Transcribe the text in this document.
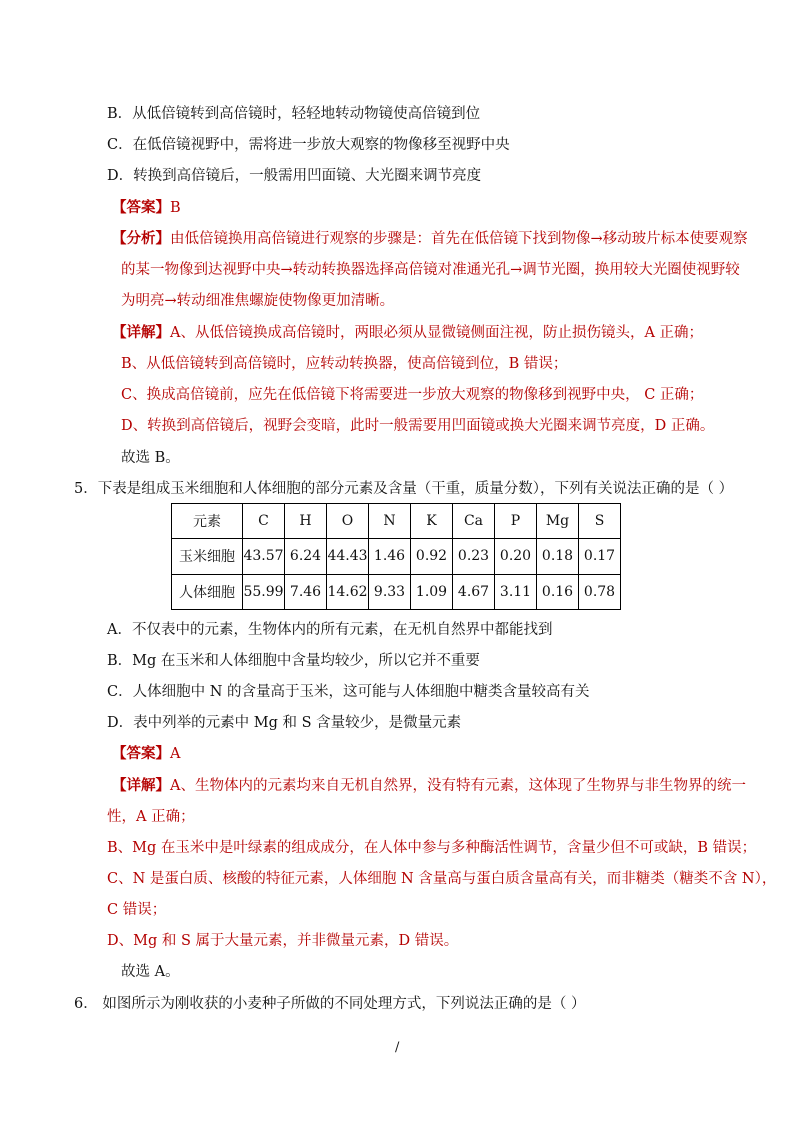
B．从低倍镜转到高倍镜时，轻轻地转动物镜使高倍镜到位
C．在低倍镜视野中，需将进一步放大观察的物像移至视野中央
D．转换到高倍镜后，一般需用凹面镜、大光圈来调节亮度
【答案】B
【分析】由低倍镜换用高倍镜进行观察的步骤是：首先在低倍镜下找到物像→移动玻片标本使要观察
的某一物像到达视野中央→转动转换器选择高倍镜对准通光孔→调节光圈，换用较大光圈使视野较
为明亮→转动细准焦螺旋使物像更加清晰。
【详解】A、从低倍镜换成高倍镜时，两眼必须从显微镜侧面注视，防止损伤镜头，A 正确；
B、从低倍镜转到高倍镜时，应转动转换器，使高倍镜到位，B 错误；
C、换成高倍镜前，应先在低倍镜下将需要进一步放大观察的物像移到视野中央， C 正确；
D、转换到高倍镜后，视野会变暗，此时一般需要用凹面镜或换大光圈来调节亮度，D 正确。
故选 B。
5．下表是组成玉米细胞和人体细胞的部分元素及含量（干重，质量分数），下列有关说法正确的是（ ）
元素	C	H	O	N	K	Ca	P	Mg	S
玉米细胞	43.57	6.24	44.43	1.46	0.92	0.23	0.20	0.18	0.17
人体细胞	55.99	7.46	14.62	9.33	1.09	4.67	3.11	0.16	0.78
A．不仅表中的元素，生物体内的所有元素，在无机自然界中都能找到
B．Mg 在玉米和人体细胞中含量均较少，所以它并不重要
C．人体细胞中 N 的含量高于玉米，这可能与人体细胞中糖类含量较高有关
D．表中列举的元素中 Mg 和 S 含量较少，是微量元素
【答案】A
【详解】A、生物体内的元素均来自无机自然界，没有特有元素，这体现了生物界与非生物界的统一
性，A 正确；
B、Mg 在玉米中是叶绿素的组成成分，在人体中参与多种酶活性调节，含量少但不可或缺，B 错误；
C、N 是蛋白质、核酸的特征元素，人体细胞 N 含量高与蛋白质含量高有关，而非糖类（糖类不含 N），
C 错误；
D、Mg 和 S 属于大量元素，并非微量元素，D 错误。
故选 A。
6． 如图所示为刚收获的小麦种子所做的不同处理方式，下列说法正确的是（ ）
/
